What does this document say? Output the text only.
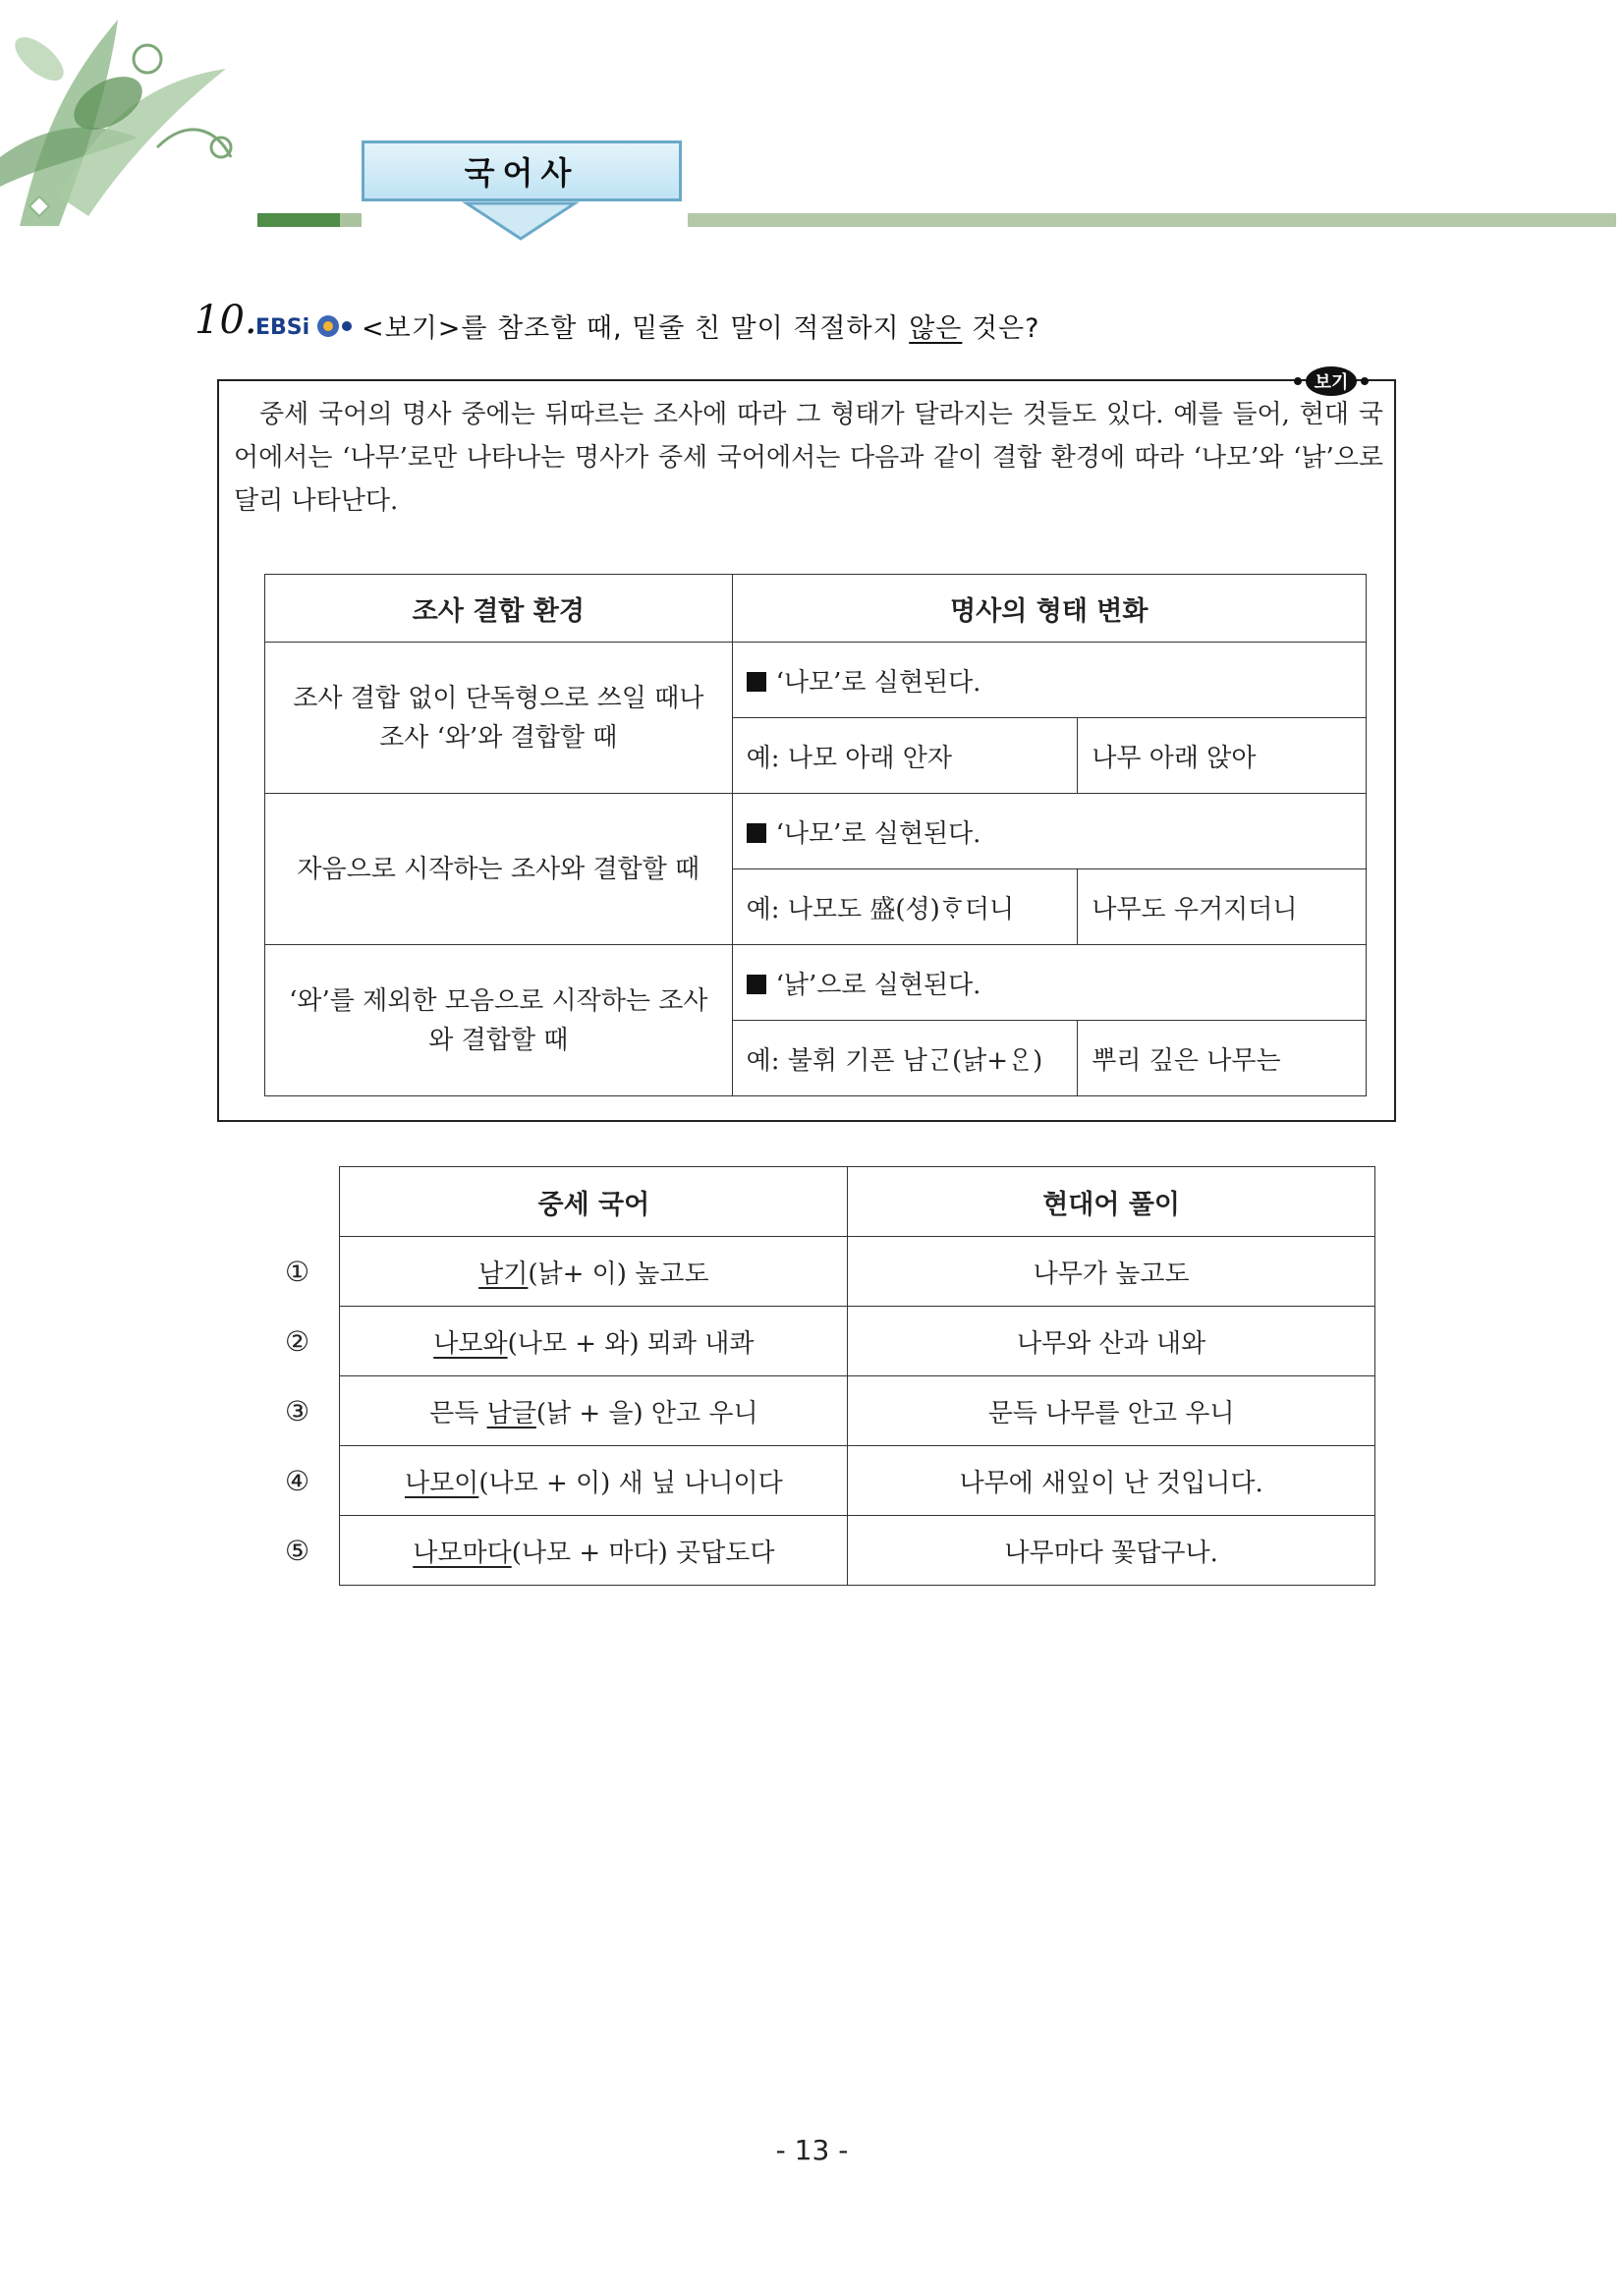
국어사
10.
EBSi <보기>를 참조할 때, 밑줄 친 말이 적절하지 않은 것은?
보기
중세 국어의 명사 중에는 뒤따르는 조사에 따라 그 형태가 달라지는 것들도 있다. 예를 들어, 현대 국어에서는 ‘나무’로만 나타나는 명사가 중세 국어에서는 다음과 같이 결합 환경에 따라 ‘나모’와 ‘낡’으로 달리 나타난다.
조사 결합 환경	명사의 형태 변화	
조사 결합 없이 단독형으로 쓰일 때나 조사 ‘와’와 결합할 때	‘나모’로 실현된다.	
	예: 나모 아래 안자	나무 아래 앉아
자음으로 시작하는 조사와 결합할 때	‘나모’로 실현된다.	
	예: 나모도 盛(셩)ᄒᆞ더니	나무도 우거지더니
‘와’를 제외한 모음으로 시작하는 조사와 결합할 때	‘낡’으로 실현된다.	
	예: 불휘 기픈 남ᄀᆞᆫ(낡+ᄋᆞᆫ)	뿌리 깊은 나무는
	중세 국어	현대어 풀이
①	남기(낡+ 이) 높고도	나무가 높고도
②	나모와(나모 + 와) 뫼콰 내콰	나무와 산과 내와
③	믄득 남글(낡 + 을) 안고 우니	문득 나무를 안고 우니
④	나모이(나모 + 이) 새 닢 나니이다	나무에 새잎이 난 것입니다.
⑤	나모마다(나모 + 마다) 곳답도다	나무마다 꽃답구나.
- 13 -
